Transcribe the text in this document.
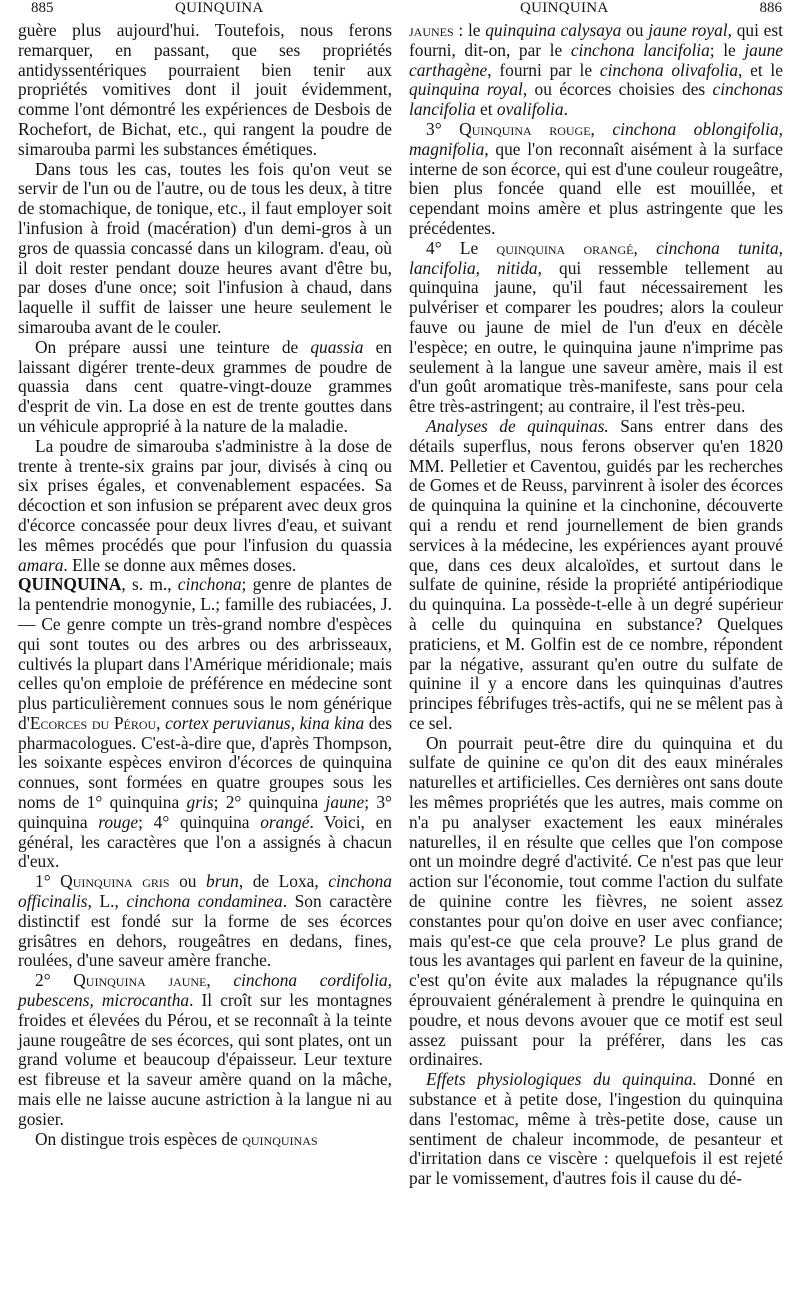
885	QUINQUINA	QUINQUINA	886

guère plus aujourd'hui. Toutefois, nous ferons remarquer, en passant, que ses propriétés antidyssentériques pourraient bien tenir aux propriétés vomitives dont il jouit évidemment, comme l'ont démontré les expériences de Desbois de Rochefort, de Bichat, etc., qui rangent la poudre de simarouba parmi les substances émétiques.

Dans tous les cas, toutes les fois qu'on veut se servir de l'un ou de l'autre, ou de tous les deux, à titre de stomachique, de tonique, etc., il faut employer soit l'infusion à froid (macération) d'un demi-gros à un gros de quassia concassé dans un kilogram. d'eau, où il doit rester pendant douze heures avant d'être bu, par doses d'une once; soit l'infusion à chaud, dans laquelle il suffit de laisser une heure seulement le simarouba avant de le couler.

On prépare aussi une teinture de quassia en laissant digérer trente-deux grammes de poudre de quassia dans cent quatre-vingt-douze grammes d'esprit de vin. La dose en est de trente gouttes dans un véhicule approprié à la nature de la maladie.

La poudre de simarouba s'administre à la dose de trente à trente-six grains par jour, divisés à cinq ou six prises égales, et convenablement espacées. Sa décoction et son infusion se préparent avec deux gros d'écorce concassée pour deux livres d'eau, et suivant les mêmes procédés que pour l'infusion du quassia amara. Elle se donne aux mêmes doses.

QUINQUINA, s. m., cinchona; genre de plantes de la pentendrie monogynie, L.; famille des rubiacées, J. — Ce genre compte un très-grand nombre d'espèces qui sont toutes ou des arbres ou des arbrisseaux, cultivés la plupart dans l'Amérique méridionale; mais celles qu'on emploie de préférence en médecine sont plus particulièrement connues sous le nom générique d'Ecorces du Pérou, cortex peruvianus, kina kina des pharmacologues. C'est-à-dire que, d'après Thompson, les soixante espèces environ d'écorces de quinquina connues, sont formées en quatre groupes sous les noms de 1° quinquina gris; 2° quinquina jaune; 3° quinquina rouge; 4° quinquina orangé. Voici, en général, les caractères que l'on a assignés à chacun d'eux.

1° Quinquina gris ou brun, de Loxa, cinchona officinalis, L., cinchona condaminea. Son caractère distinctif est fondé sur la forme de ses écorces grisâtres en dehors, rougeâtres en dedans, fines, roulées, d'une saveur amère franche.

2° Quinquina jaune, cinchona cordifolia, pubescens, microcantha. Il croît sur les montagnes froides et élevées du Pérou, et se reconnaît à la teinte jaune rougeâtre de ses écorces, qui sont plates, ont un grand volume et beaucoup d'épaisseur. Leur texture est fibreuse et la saveur amère quand on la mâche, mais elle ne laisse aucune astriction à la langue ni au gosier.

On distingue trois espèces de quinquinas

jaunes : le quinquina calysaya ou jaune royal, qui est fourni, dit-on, par le cinchona lancifolia; le jaune carthagène, fourni par le cinchona olivafolia, et le quinquina royal, ou écorces choisies des cinchonas lancifolia et ovalifolia.

3° Quinquina rouge, cinchona oblongifolia, magnifolia, que l'on reconnaît aisément à la surface interne de son écorce, qui est d'une couleur rougeâtre, bien plus foncée quand elle est mouillée, et cependant moins amère et plus astringente que les précédentes.

4° Le quinquina orangé, cinchona tunita, lancifolia, nitida, qui ressemble tellement au quinquina jaune, qu'il faut nécessairement les pulvériser et comparer les poudres; alors la couleur fauve ou jaune de miel de l'un d'eux en décèle l'espèce; en outre, le quinquina jaune n'imprime pas seulement à la langue une saveur amère, mais il est d'un goût aromatique très-manifeste, sans pour cela être très-astringent; au contraire, il l'est très-peu.

Analyses de quinquinas. Sans entrer dans des détails superflus, nous ferons observer qu'en 1820 MM. Pelletier et Caventou, guidés par les recherches de Gomes et de Reuss, parvinrent à isoler des écorces de quinquina la quinine et la cinchonine, découverte qui a rendu et rend journellement de bien grands services à la médecine, les expériences ayant prouvé que, dans ces deux alcaloïdes, et surtout dans le sulfate de quinine, réside la propriété antipériodique du quinquina. La possède-t-elle à un degré supérieur à celle du quinquina en substance? Quelques praticiens, et M. Golfin est de ce nombre, répondent par la négative, assurant qu'en outre du sulfate de quinine il y a encore dans les quinquinas d'autres principes fébrifuges très-actifs, qui ne se mêlent pas à ce sel.

On pourrait peut-être dire du quinquina et du sulfate de quinine ce qu'on dit des eaux minérales naturelles et artificielles. Ces dernières ont sans doute les mêmes propriétés que les autres, mais comme on n'a pu analyser exactement les eaux minérales naturelles, il en résulte que celles que l'on compose ont un moindre degré d'activité. Ce n'est pas que leur action sur l'économie, tout comme l'action du sulfate de quinine contre les fièvres, ne soient assez constantes pour qu'on doive en user avec confiance; mais qu'est-ce que cela prouve? Le plus grand de tous les avantages qui parlent en faveur de la quinine, c'est qu'on évite aux malades la répugnance qu'ils éprouvaient généralement à prendre le quinquina en poudre, et nous devons avouer que ce motif est seul assez puissant pour la préférer, dans les cas ordinaires.

Effets physiologiques du quinquina. Donné en substance et à petite dose, l'ingestion du quinquina dans l'estomac, même à très-petite dose, cause un sentiment de chaleur incommode, de pesanteur et d'irritation dans ce viscère : quelquefois il est rejeté par le vomissement, d'autres fois il cause du dé-
